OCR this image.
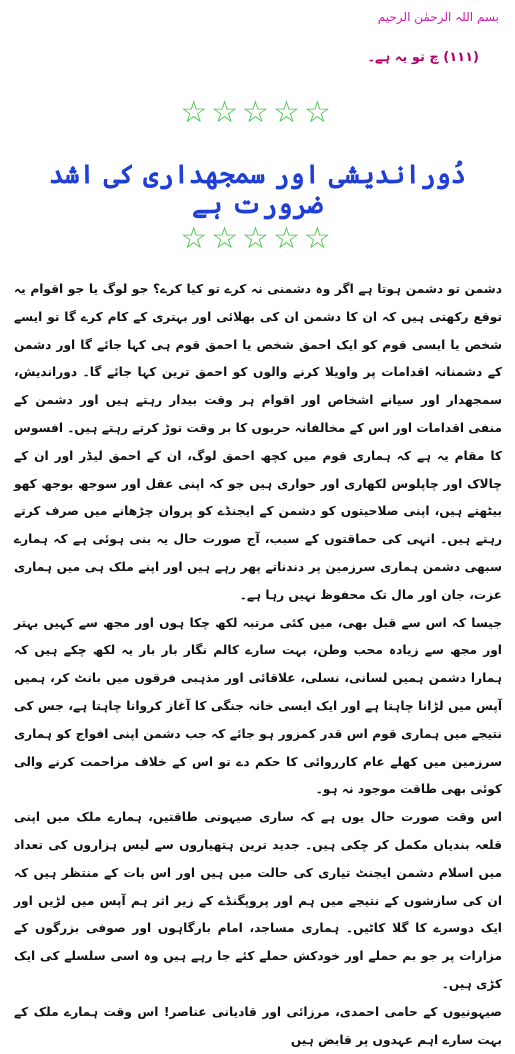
بسم اللہ الرحمٰن الرحیم
(۱۱۱) چ تو یہ ہے۔
☆☆☆☆☆
دُوراندیشی اور سمجھداری کی اشد ضرورت ہے
☆☆☆☆☆

دشمن تو دشمن ہوتا ہے اگر وہ دشمنی نہ کرے تو کیا کرے؟ جو لوگ یا جو اقوام یہ توقع رکھتی ہیں کہ ان کا دشمن ان کی بھلائی اور بہتری کے کام کرے گا تو ایسے شخص یا ایسی قوم کو ایک احمق شخص یا احمق قوم ہی کہا جائے گا اور دشمن کے دشمنانہ اقدامات پر واویلا کرنے والوں کو احمق ترین کہا جائے گا۔ دوراندیش، سمجھدار اور سیانے اشخاص اور اقوام ہر وقت بیدار رہتے ہیں اور دشمن کے منفی اقدامات اور اس کے مخالفانہ حربوں کا بر وقت توڑ کرتے رہتے ہیں۔ افسوس کا مقام یہ ہے کہ ہماری قوم میں کچھ احمق لوگ، ان کے احمق لیڈر اور ان کے چالاک اور چاپلوس لکھاری اور حواری ہیں جو کہ اپنی عقل اور سوجھ بوجھ کھو بیٹھتے ہیں، اپنی صلاحیتوں کو دشمن کے ایجنڈے کو پروان چڑھانے میں صرف کرتے رہتے ہیں۔ انہی کی حماقتوں کے سبب، آج صورت حال یہ بنی ہوئی ہے کہ ہمارے سبھی دشمن ہماری سرزمین پر دندناتے پھر رہے ہیں اور اپنے ملک ہی میں ہماری عزت، جان اور مال تک محفوظ نہیں رہا ہے۔

جیسا کہ اس سے قبل بھی، میں کئی مرتبہ لکھ چکا ہوں اور مجھ سے کہیں بہتر اور مجھ سے زیادہ محب وطن، بہت سارے کالم نگار بار بار یہ لکھ چکے ہیں کہ ہمارا دشمن ہمیں لسانی، نسلی، علاقائی اور مذہبی فرقوں میں بانٹ کر، ہمیں آپس میں لڑانا چاہتا ہے اور ایک ایسی خانہ جنگی کا آغاز کروانا چاہتا ہے، جس کی نتیجے میں ہماری قوم اس قدر کمزور ہو جائے کہ جب دشمن اپنی افواج کو ہماری سرزمین میں کھلے عام کارروائی کا حکم دے تو اس کے خلاف مزاحمت کرنے والی کوئی بھی طاقت موجود نہ ہو۔

اس وقت صورت حال یوں ہے کہ ساری صیہونی طاقتیں، ہمارے ملک میں اپنی قلعہ بندیاں مکمل کر چکی ہیں۔ جدید ترین ہتھیاروں سے لیس ہزاروں کی تعداد میں اسلام دشمن ایجنٹ تیاری کی حالت میں ہیں اور اس بات کے منتظر ہیں کہ ان کی سازشوں کے نتیجے میں ہم اور پروپگنڈے کے زیر اثر ہم آپس میں لڑیں اور ایک دوسرے کا گلا کاٹیں۔ ہماری مساجد، امام بارگاہوں اور صوفی بزرگوں کے مزارات پر جو بم حملے اور خودکش حملے کئے جا رہے ہیں وہ اسی سلسلے کی ایک کڑی ہیں۔

صیہونیوں کے حامی احمدی، مرزائی اور قادیانی عناصر! اس وقت ہمارے ملک کے بہت سارے اہم عہدوں پر قابض ہیں
